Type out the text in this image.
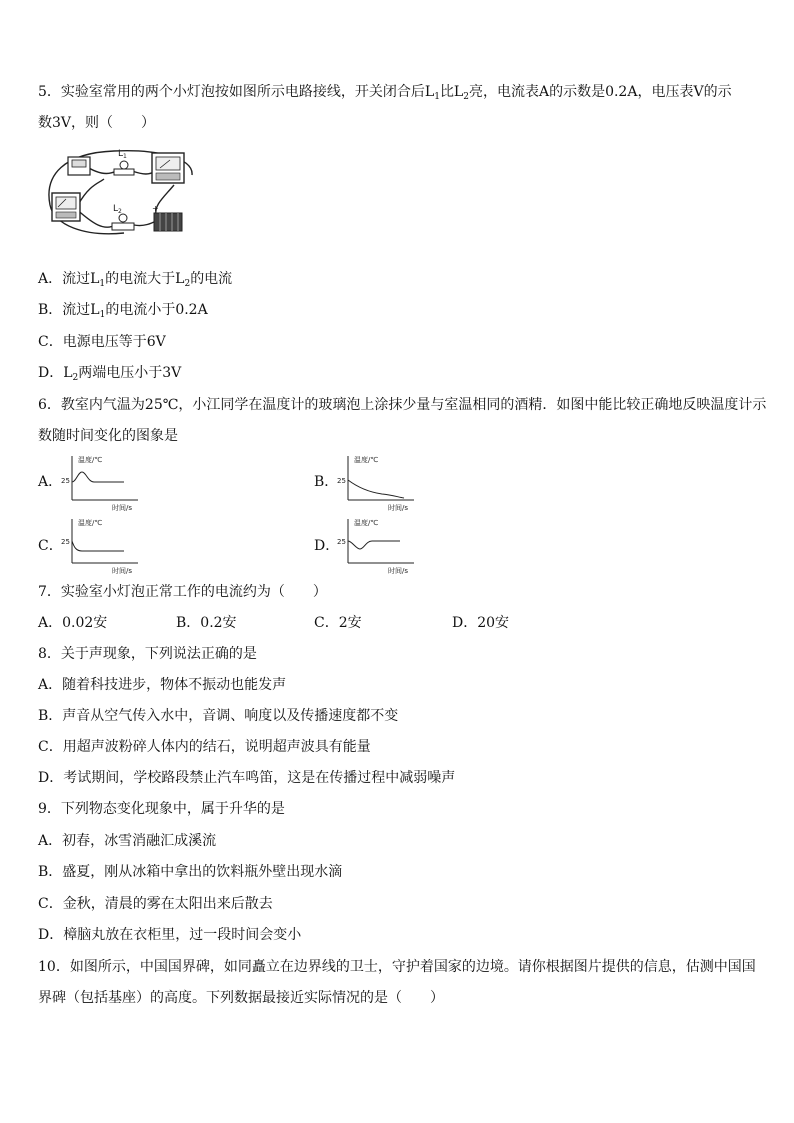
5．实验室常用的两个小灯泡按如图所示电路接线，开关闭合后$L_1$比$L_2$亮，电流表A的示数是0.2A，电压表V的示
数3V，则（　　）
$L_1$
$L_2$	+
A．流过$L_1$的电流大于$L_2$的电流
B．流过$L_1$的电流小于0.2A
C．电源电压等于6V
D．$L_2$两端电压小于3V
6．教室内气温为25℃，小江同学在温度计的玻璃泡上涂抹少量与室温相同的酒精．如图中能比较正确地反映温度计示
数随时间变化的图象是
A．	B．
C．	D．
温度/℃
25
时间/s
温度/℃
25
时间/s
温度/℃
25
时间/s
温度/℃
25
时间/s
7．实验室小灯泡正常工作的电流约为（　　）
A．0.02安	B．0.2安	C．2安	D．20安
8．关于声现象，下列说法正确的是
A．随着科技进步，物体不振动也能发声
B．声音从空气传入水中，音调、响度以及传播速度都不变
C．用超声波粉碎人体内的结石，说明超声波具有能量
D．考试期间，学校路段禁止汽车鸣笛，这是在传播过程中减弱噪声
9．下列物态变化现象中，属于升华的是
A．初春，冰雪消融汇成溪流
B．盛夏，刚从冰箱中拿出的饮料瓶外壁出现水滴
C．金秋，清晨的雾在太阳出来后散去
D．樟脑丸放在衣柜里，过一段时间会变小
10．如图所示，中国国界碑，如同矗立在边界线的卫士，守护着国家的边境。请你根据图片提供的信息，估测中国国
界碑（包括基座）的高度。下列数据最接近实际情况的是（　　）
